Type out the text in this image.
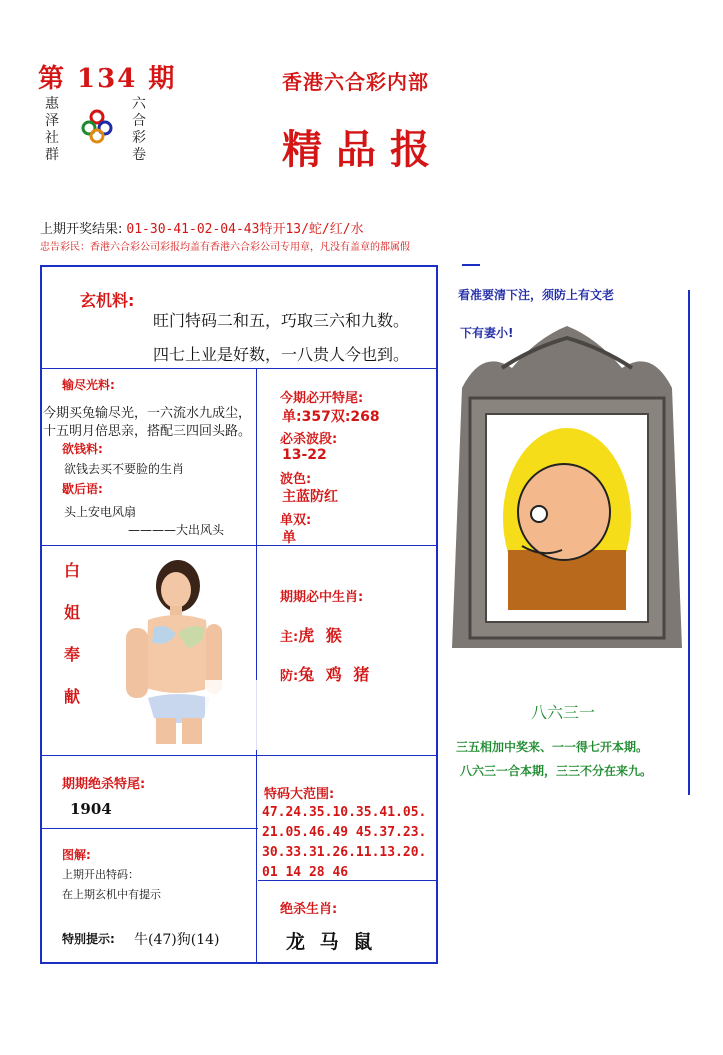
第 134 期
惠泽社群
六合彩卷
香港六合彩内部
精品报
上期开奖结果: 01-30-41-02-04-43特开13/蛇/红/水
忠告彩民：香港六合彩公司彩报均盖有香港六合彩公司专用章，凡没有盖章的都属假
玄机料:
旺门特码二和五，巧取三六和九数。
四七上业是好数，一八贵人今也到。
输尽光料:
今期买兔输尽光，一六流水九成尘，
十五明月倍思亲，搭配三四回头路。
欲钱料:
欲钱去买不要脸的生肖
歇后语:
头上安电风扇
————大出风头
今期必开特尾:
单:357双:268
必杀波段:
13-22
波色:
主蓝防红
单双:
单
白
姐
奉
献
期期必中生肖:
主:虎 猴
防:兔 鸡 猪
期期绝杀特尾:
1904
特码大范围:
47.24.35.10.35.41.05.
21.05.46.49 45.37.23.
30.33.31.26.11.13.20.
01 14 28 46
图解:
上期开出特码：
在上期玄机中有提示
特别提示: 牛(47)狗(14)
绝杀生肖:
龙 马 鼠
看准要清下注，须防上有文老
下有妻小!
八六三一
三五相加中奖来、一一得七开本期。
八六三一合本期，三三不分在来九。
